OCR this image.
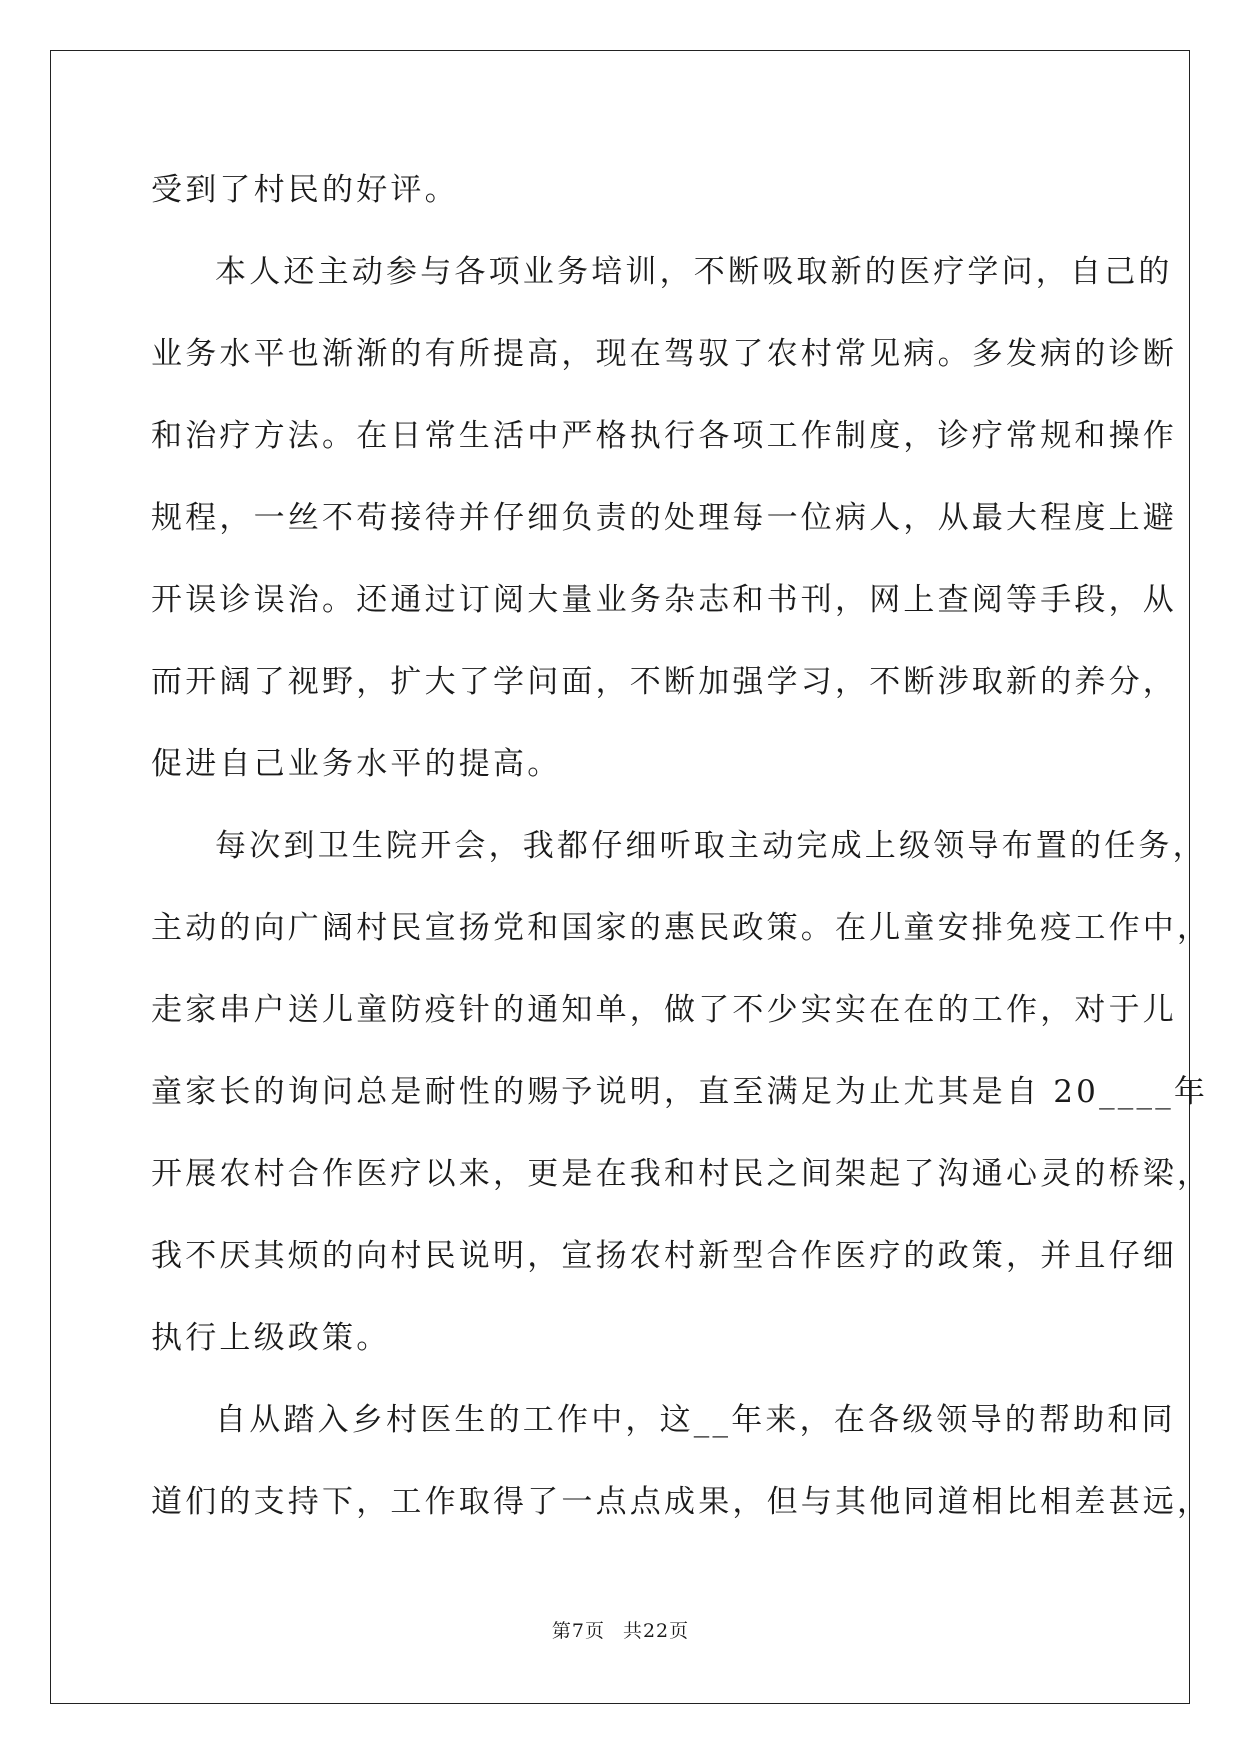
受到了村民的好评。
本人还主动参与各项业务培训，不断吸取新的医疗学问，自己的
业务水平也渐渐的有所提高，现在驾驭了农村常见病。多发病的诊断
和治疗方法。在日常生活中严格执行各项工作制度，诊疗常规和操作
规程，一丝不苟接待并仔细负责的处理每一位病人，从最大程度上避
开误诊误治。还通过订阅大量业务杂志和书刊，网上查阅等手段，从
而开阔了视野，扩大了学问面，不断加强学习，不断涉取新的养分，
促进自己业务水平的提高。
每次到卫生院开会，我都仔细听取主动完成上级领导布置的任务，
主动的向广阔村民宣扬党和国家的惠民政策。在儿童安排免疫工作中，
走家串户送儿童防疫针的通知单，做了不少实实在在的工作，对于儿
童家长的询问总是耐性的赐予说明，直至满足为止尤其是自 20____年
开展农村合作医疗以来，更是在我和村民之间架起了沟通心灵的桥梁，
我不厌其烦的向村民说明，宣扬农村新型合作医疗的政策，并且仔细
执行上级政策。
自从踏入乡村医生的工作中，这__年来，在各级领导的帮助和同
道们的支持下，工作取得了一点点成果，但与其他同道相比相差甚远，
第7页 共22页
